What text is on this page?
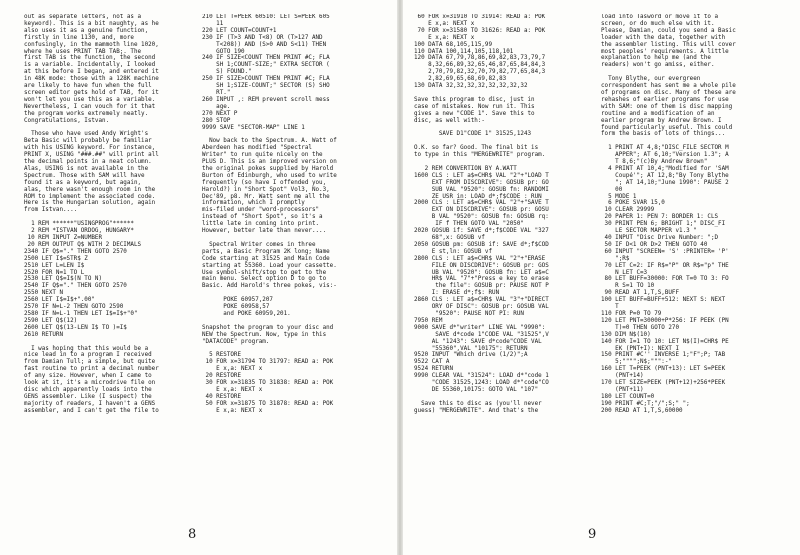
out as separate letters, not as a
keyword). This is a bit naughty, as he
also uses it as a genuine function,
firstly in line 1130, and, more
confusingly, in the mammoth line 1020,
where he uses PRINT TAB TAB;. The
first TAB is the function, the second
is a variable. Incidentally, I looked
at this before I began, and entered it
in 48K mode: those with a 128K machine
are likely to have fun when the full
screen editor gets hold of TAB, for it
won't let you use this as a variable.
Nevertheless, I can vouch for it that
the program works extremely neatly.
Congratulations, Istvan.

Those who have used Andy Wright's
Beta Basic will probably be familiar
with his USING keyword. For instance,
PRINT X, USING "###.##" will print all
the decimal points in a neat column.
Alas, USING is not available in the
Spectrum. Those with SAM will have
found it as a keyword, but again,
alas, there wasn't enough room in the
ROM to implement the associated code.
Here is the Hungarian solution, again
from Istvan....

1 REM ******"USINGPROG"******
2 REM *ISTVAN ORDOG, HUNGARY*
10 REM INPUT Z=NUMBER
20 REM OUTPUT Q$ WITH 2 DECIMALS
2340 IF Q$="." THEN GOTO 2570
2500 LET I$=STR$ Z
2510 LET L=LEN I$
2520 FOR N=1 TO L
2530 LET Q$=I$(N TO N)
2540 IF Q$="." THEN GOTO 2570
2550 NEXT N
2560 LET I$=I$+".00"
2570 IF N=L-2 THEN GOTO 2590
2580 IF N=L-1 THEN LET I$=I$+"0"
2590 LET Q$(12)
2600 LET Q$(13-LEN I$ TO )=I$
2610 RETURN

I was hoping that this would be a
nice lead in to a program I received
from Damian Tull; a simple, but quite
fast routine to print a decimal number
of any size. However, when I came to
look at it, it's a microdrive file on
disc which apparently loads into the
GENS assembler. Like (I suspect) the
majority of readers, I haven't a GENS
assembler, and I can't get the file to
210 LET T=PEEK 60510: LET S=PEEK 605
11
220 LET COUNT=COUNT+1
230 IF (T>3 AND T<8) OR (T>127 AND
T<208)) AND (S>0 AND S<11) THEN
GOTO 190
240 IF SIZE<COUNT THEN PRINT #C; FLA
SH 1;COUNT-SIZE;" EXTRA SECTOR (
S) FOUND."
250 IF SIZE>COUNT THEN PRINT #C; FLA
SH 1;SIZE-COUNT;" SECTOR (S) SHO
RT."
260 INPUT ,: REM prevent scroll mess
age.
270 NEXT P
280 STOP
9999 SAVE "SECTOR-MAP" LINE 1

Now back to the Spectrum. A. Watt of
Aberdeen has modified "Spectral
Writer" to run quite nicely on the
PLUS D. This is an improved version on
the original pokes supplied by Harold
Burton of Edinburgh, who used to write
frequently (so have I offended you,
Harold?) in "Short Spot" Vol3, No.3,
Dec'89, p8. Mr. Watt sent me all the
information, which I promptly
mis-filed under "word-processors"
instead of "Short Spot", so it's a
little late in coming into print.
However, better late than never....

Spectral Writer comes in three
parts, a Basic Program 2K long; Name
Code starting at 31525 and Main Code
starting at 55360. Load your cassette.
Use symbol-shift/stop to get to the
main menu. Select option D to go to
Basic. Add Harold's three pokes, vis:-

POKE 60957,207
POKE 60958,57
and POKE 60959,201.

Snapshot the program to your disc and
NEW the Spectrum. Now, type in this
"DATACODE" program.

5 RESTORE
10 FOR x=31794 TO 31797: READ a: POK
E x,a: NEXT x
20 RESTORE
30 FOR x=31835 TO 31838: READ a: POK
E x,a: NEXT x
40 RESTORE
50 FOR x=31875 TO 31878: READ a: POK
E x,a: NEXT x
8
60 FOR x=31910 TO 31914: READ a: POK
E x,a: NEXT x
70 FOR x=31580 TO 31626: READ a: POK
E x,a: NEXT x
100 DATA 68,105,115,99
110 DATA 100,114,105,118,101
120 DATA 67,79,78,86,69,82,83,73,79,7
8,32,66,89,32,65,46,87,65,84,84,3
2,70,79,82,32,70,79,82,77,65,84,3
2,82,69,65,68,69,82,83
130 DATA 32,32,32,32,32,32,32,32

Save this program to disc, just in
case of mistakes. Now run it. This
gives a new "CODE 1". Save this to
disc, as well with:-

SAVE D1"CODE 1" 31525,1243

O.K. so far? Good. The final bit is
to type in this "MERGEWRITE" program.

2 REM CONVERTION BY A.WATT
1600 CLS : LET a$=CHR$ VAL "2"+"LOAD T
EXT FROM DISCDRIVE": GOSUB pr: GO
SUB VAL "9520": GOSUB fn: RANDOMI
ZE USR in: LOAD d*;f$CODE : RUN
2000 CLS : LET a$=CHR$ VAL "2"+"SAVE T
EXT ON DISCDRIVE": GOSUB pr: GOSU
B VAL "9520": GOSUB fn: GOSUB rq:
IF f THEN GOTO VAL "2050"
2020 GOSUB if: SAVE d*;f$CODE VAL "327
68",x: GOSUB vf
2050 GOSUB pm: GOSUB if: SAVE d*;f$COD
E st,ln: GOSUB vf
2800 CLS : LET a$=CHR$ VAL "2"+"ERASE
FILE ON DISCDRIVE": GOSUB pr: GOS
UB VAL "9520": GOSUB fn: LET a$=C
HR$ VAL "7"+"Press e key to erase
the file": GOSUB pr: PAUSE NOT P
I: ERASE d*;f$: RUN
2860 CLS : LET a$=CHR$ VAL "3"+"DIRECT
ORY OF DISC": GOSUB pr: GOSUB VAL
"9520": PAUSE NOT PI: RUN
7950 REM
9000 SAVE d*"writer" LINE VAL "9990":
SAVE d*code 1"CODE VAL "31525",V
AL "1243": SAVE d*code"CODE VAL
"55360",VAL "10175": RETURN
9520 INPUT "Which drive (1/2)";A
9522 CAT A
9524 RETURN
9990 CLEAR VAL "31524": LOAD d*"code 1
"CODE 31525,1243: LOAD d*"code"CO
DE 55360,10175: GOTO VAL "107"

Save this to disc as (you'll never
guess) "MERGEWRITE". And that's the
load into Tasword or move it to a
screen, or do much else with it.
Please, Damian, could you send a Basic
loader with the data, together with
the assembler listing. This will cover
most peoples' requirements. A little
explanation to help me (and the
readers) won't go amiss, either.

Tony Blythe, our evergreen
correspondent has sent me a whole pile
of programs on disc. Many of these are
rehashes of earlier programs for use
with SAM: one of them is disc mapping
routine and a modification of an
earlier program by Andrew Brown. I
found particularly useful. This could
form the basis of lots of things...

1 PRINT AT 4,8;"DISC_FILE SECTOR M
APPER"; AT 6,10;"Version 1.3"; A
T 8,6;"(c)By Andrew Brown"
4 PRINT AT 10,4;"Modified for 'SAM
Coupé'"; AT 12,8;"By Tony Blythe
"; AT 14,10;"June 1990": PAUSE 2
00
5 MODE 1
6 POKE SVAR 15,0
10 CLEAR 29999
20 PAPER 1: PEN 7: BORDER 1: CLS
30 PRINT PEN 6; BRIGHT 1;" DISC_FI
LE SECTOR MAPPER v1.3 "
40 INPUT "Disc Drive Number: ";D
50 IF D<1 OR D>2 THEN GOTO 40
60 INPUT "SCREEN= 'S' :PRINTER= 'P'
";R$
70 LET C=2: IF R$="P" OR R$="p" THE
N LET C=3
80 LET BUFF=30000: FOR T=0 TO 3: FO
R S=1 TO 10
90 READ AT 1,T,S,BUFF
100 LET BUFF=BUFF+512: NEXT S: NEXT
T
110 FOR P=0 TO 79
120 LET PNT=30000+P*256: IF PEEK (PN
T)=0 THEN GOTO 270
130 DIM N$(10)
140 FOR I=1 TO 10: LET N$(I)=CHR$ PE
EK (PNT+I): NEXT I
150 PRINT #C'' INVERSE 1;"F";P; TAB
5;"""";N$;""":-"
160 LET T=PEEK (PNT+13): LET S=PEEK
(PNT+14)
170 LET SIZE=PEEK (PNT+12)+256*PEEK
(PNT+11)
180 LET COUNT=0
190 PRINT #C;T;"/";S;" ";
200 READ AT 1,T,S,60000
9
